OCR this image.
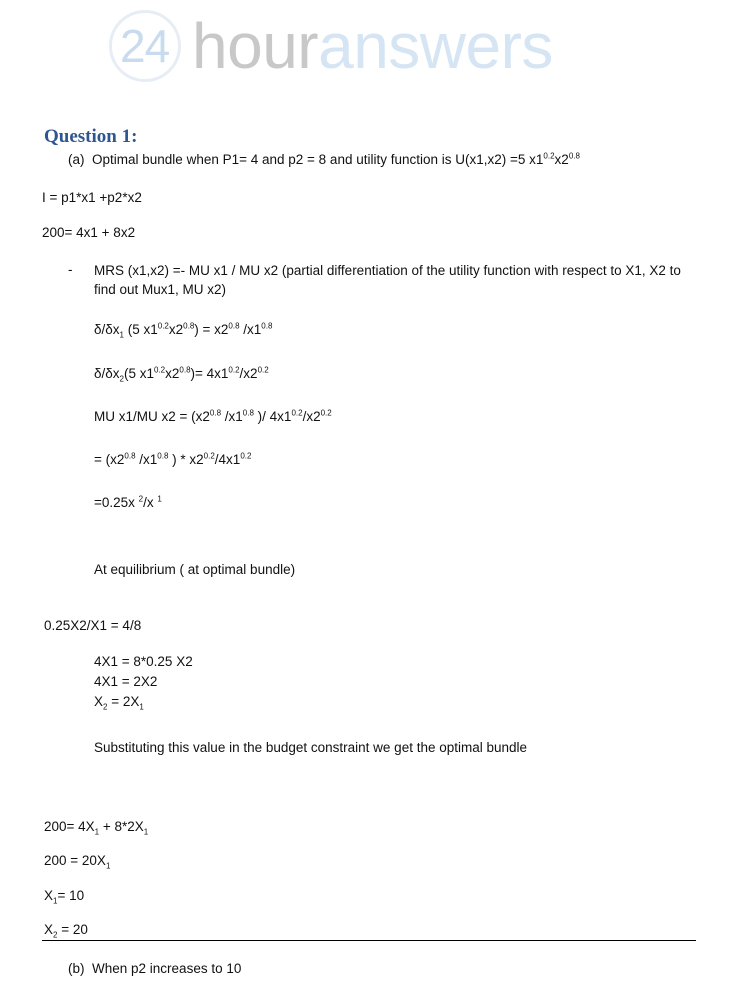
24 houranswers
Question 1:
(a) Optimal bundle when P1= 4 and p2 = 8 and utility function is U(x1,x2) =5 $x1^{0.2}x2^{0.8}$
I = p1*x1 +p2*x2
200= 4x1 + 8x2
- MRS (x1,x2) =- MU x1 / MU x2 (partial differentiation of the utility function with respect to X1, X2 to find out Mux1, MU x2)
$\delta/\delta x_1$ (5 $x1^{0.2}x2^{0.8}) = x2^{0.8}$ $/x1^{0.8}$
$\delta/\delta x_2(5$ $x1^{0.2}x2^{0.8})= 4x1^{0.2}/x2^{0.2}$
MU x1/MU $x2 = (x2^{0.8}$ $/x1^{0.8}$ )/ $4x1^{0.2}/x2^{0.2}$
= ($x2^{0.8}$ $/x1^{0.8}$ ) * $x2^{0.2}/4x1^{0.2}$
=0.25x $^2$/x $^1$
At equilibrium ( at optimal bundle)
0.25X2/X1 = 4/8
4X1 = 8*0.25 X2
4X1 = 2X2
$X_2 = 2X_1$
Substituting this value in the budget constraint we get the optimal bundle
$200= 4X_1 + 8*2X_1$
$200 = 20X_1$
$X_1= 10$
$X_2 = 20$
(b) When p2 increases to 10
